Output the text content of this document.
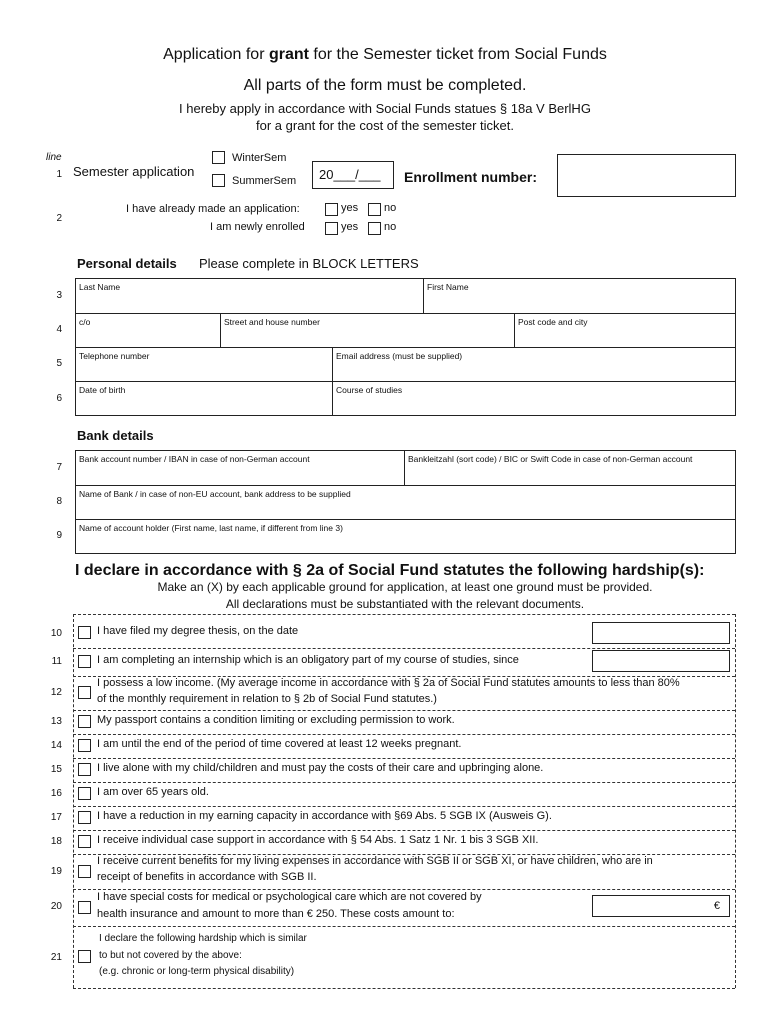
Application for grant for the Semester ticket from Social Funds
All parts of the form must be completed.
I hereby apply in accordance with Social Funds statues § 18a V BerlHG
for a grant for the cost of the semester ticket.
line
1 Semester application
WinterSem
SummerSem 20___/___ Enrollment number:
2
I have already made an application:	yes no
I am newly enrolled	yes no
Personal details Please complete in BLOCK LETTERS
3
4
5
6
Last Name	First Name
c/o	Street and house number	Post code and city
Telephone number	Email address (must be supplied)
Date of birth	Course of studies
Bank details
7
8
9
Bank account number / IBAN in case of non-German account	Bankleitzahl (sort code) / BIC or Swift Code in case of non-German account
Name of Bank / in case of non-EU account, bank address to be supplied
Name of account holder (First name, last name, if different from line 3)
I declare in accordance with § 2a of Social Fund statutes the following hardship(s):
Make an (X) by each applicable ground for application, at least one ground must be provided.
All declarations must be substantiated with the relevant documents.
10	I have filed my degree thesis, on the date
11	I am completing an internship which is an obligatory part of my course of studies, since
12
I possess a low income. (My average income in accordance with § 2a of Social Fund statutes amounts to less than 80%
of the monthly requirement in relation to § 2b of Social Fund statutes.)
13	My passport contains a condition limiting or excluding permission to work.
14	I am until the end of the period of time covered at least 12 weeks pregnant.
15	I live alone with my child/children and must pay the costs of their care and upbringing alone.
16	I am over 65 years old.
17	I have a reduction in my earning capacity in accordance with §69 Abs. 5 SGB IX (Ausweis G).
18	I receive individual case support in accordance with § 54 Abs. 1 Satz 1 Nr. 1 bis 3 SGB XII.
19
I receive current benefits for my living expenses in accordance with SGB II or SGB XI, or have children, who are in
receipt of benefits in accordance with SGB II.
20
I have special costs for medical or psychological care which are not covered by
health insurance and amount to more than € 250. These costs amount to:
€
21
I declare the following hardship which is similar
to but not covered by the above:
(e.g. chronic or long-term physical disability)
